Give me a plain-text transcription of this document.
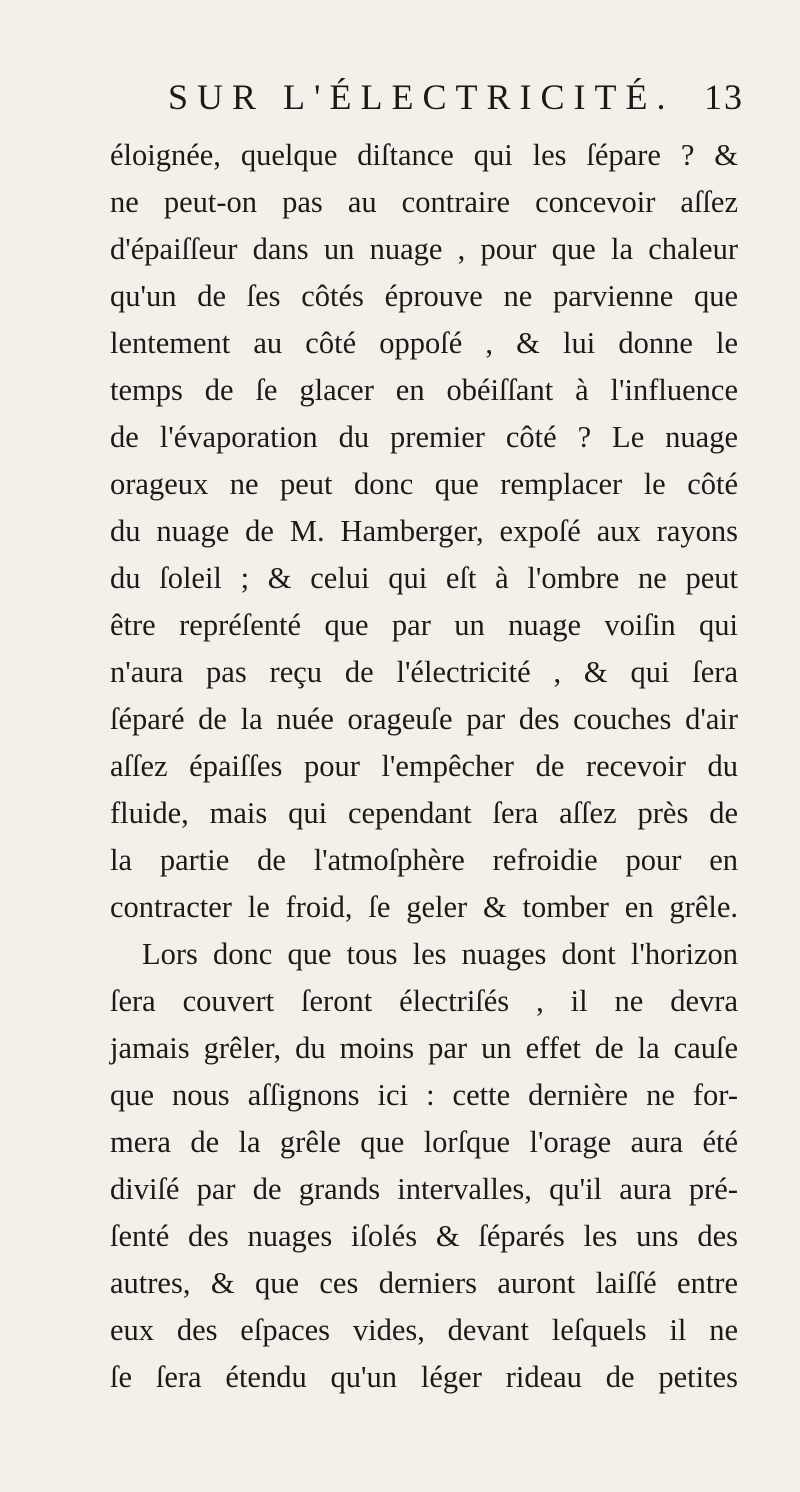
SUR L'ÉLECTRICITÉ. 13
éloignée, quelque diſtance qui les ſépare ? &
ne peut-on pas au contraire concevoir aſſez
d'épaiſſeur dans un nuage , pour que la chaleur
qu'un de ſes côtés éprouve ne parvienne que
lentement au côté oppoſé , & lui donne le
temps de ſe glacer en obéiſſant à l'influence
de l'évaporation du premier côté ? Le nuage
orageux ne peut donc que remplacer le côté
du nuage de M. Hamberger, expoſé aux rayons
du ſoleil ; & celui qui eſt à l'ombre ne peut
être repréſenté que par un nuage voiſin qui
n'aura pas reçu de l'électricité , & qui ſera
ſéparé de la nuée orageuſe par des couches d'air
aſſez épaiſſes pour l'empêcher de recevoir du
fluide, mais qui cependant ſera aſſez près de
la partie de l'atmoſphère refroidie pour en
contracter le froid, ſe geler & tomber en grêle.
Lors donc que tous les nuages dont l'horizon
ſera couvert ſeront électriſés , il ne devra
jamais grêler, du moins par un effet de la cauſe
que nous aſſignons ici : cette dernière ne for-
mera de la grêle que lorſque l'orage aura été
diviſé par de grands intervalles, qu'il aura pré-
ſenté des nuages iſolés & ſéparés les uns des
autres, & que ces derniers auront laiſſé entre
eux des eſpaces vides, devant leſquels il ne
ſe ſera étendu qu'un léger rideau de petites
